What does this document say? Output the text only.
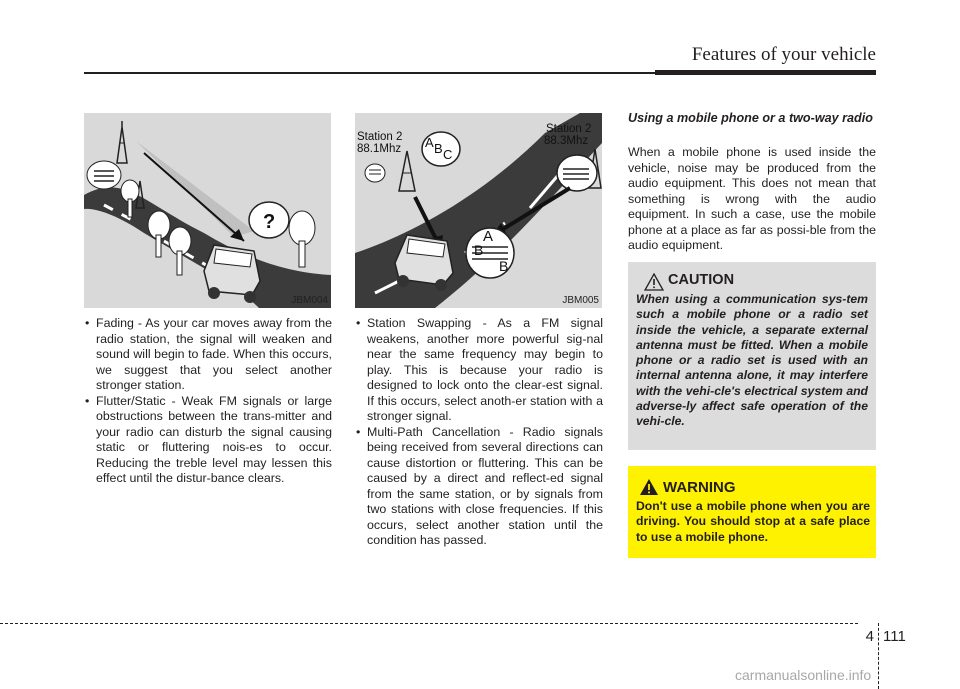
Features of your vehicle
?
JBM004
A B C
A
B
B
Station 2
88.1Mhz
Station 2
88.3Mhz
JBM005
• Fading - As your car moves away from the radio station, the signal will weaken and sound will begin to fade. When this occurs, we suggest that you select another stronger station.
• Flutter/Static - Weak FM signals or large obstructions between the trans-mitter and your radio can disturb the signal causing static or fluttering nois-es to occur. Reducing the treble level may lessen this effect until the distur-bance clears.
• Station Swapping - As a FM signal weakens, another more powerful sig-nal near the same frequency may begin to play. This is because your radio is designed to lock onto the clear-est signal. If this occurs, select anoth-er station with a stronger signal.
• Multi-Path Cancellation - Radio signals being received from several directions can cause distortion or fluttering. This can be caused by a direct and reflect-ed signal from the same station, or by signals from two stations with close frequencies. If this occurs, select another station until the condition has passed.
Using a mobile phone or a two-way radio
When a mobile phone is used inside the vehicle, noise may be produced from the audio equipment. This does not mean that something is wrong with the audio equipment. In such a case, use the mobile phone at a place as far as possi-ble from the audio equipment.
CAUTION
When using a communication sys-tem such a mobile phone or a radio set inside the vehicle, a separate external antenna must be fitted. When a mobile phone or a radio set is used with an internal antenna alone, it may interfere with the vehi-cle's electrical system and adverse-ly affect safe operation of the vehi-cle.
WARNING
Don't use a mobile phone when you are driving. You should stop at a safe place to use a mobile phone.
4 111
carmanualsonline.info
